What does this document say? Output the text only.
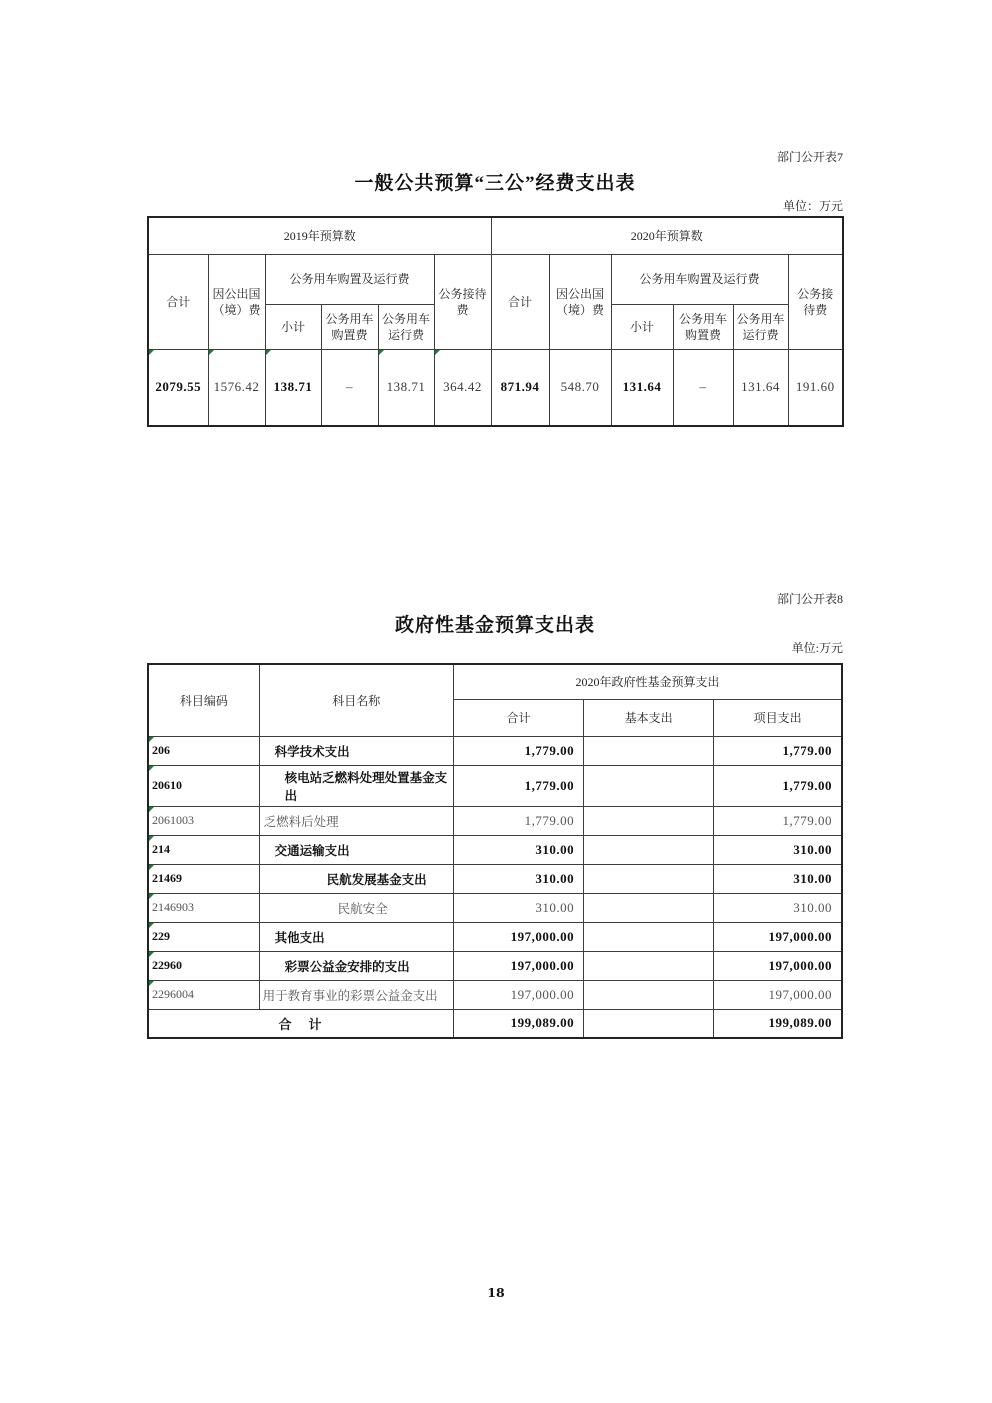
部门公开表7
一般公共预算“三公”经费支出表
单位：万元
2019年预算数						2020年预算数					
合计	因公出国（境）费	公务用车购置及运行费			公务接待费	合计	因公出国（境）费	公务用车购置及运行费			公务接待费
		小计	公务用车购置费	公务用车运行费				小计	公务用车购置费	公务用车运行费	
2079.55	1576.42	138.71	–	138.71	364.42	871.94	548.70	131.64	–	131.64	191.60
部门公开表8
政府性基金预算支出表
单位:万元
科目编码	科目名称	2020年政府性基金预算支出		
		合计	基本支出	项目支出
206	科学技术支出	1,779.00		1,779.00
20610	核电站乏燃料处理处置基金支出	1,779.00		1,779.00
2061003	乏燃料后处理	1,779.00		1,779.00
214	交通运输支出	310.00		310.00
21469	民航发展基金支出	310.00		310.00
2146903	民航安全	310.00		310.00
229	其他支出	197,000.00		197,000.00
22960	彩票公益金安排的支出	197,000.00		197,000.00
2296004	用于教育事业的彩票公益金支出	197,000.00		197,000.00
合　计		199,089.00		199,089.00
18
